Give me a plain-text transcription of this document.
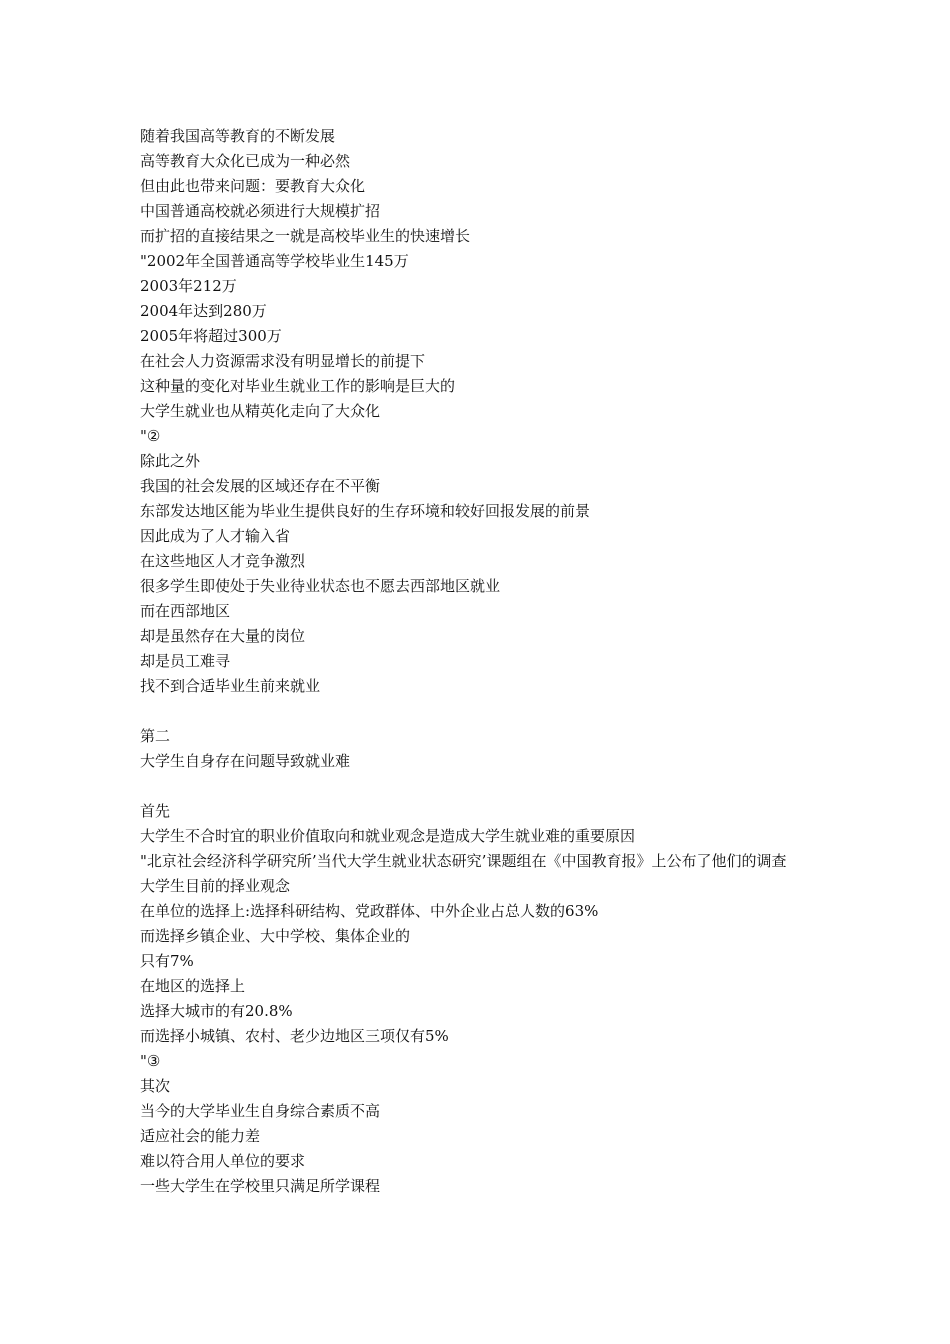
随着我国高等教育的不断发展
高等教育大众化已成为一种必然
但由此也带来问题：要教育大众化
中国普通高校就必须进行大规模扩招
而扩招的直接结果之一就是高校毕业生的快速增长
"2002年全国普通高等学校毕业生145万
2003年212万
2004年达到280万
2005年将超过300万
在社会人力资源需求没有明显增长的前提下
这种量的变化对毕业生就业工作的影响是巨大的
大学生就业也从精英化走向了大众化
"②
除此之外
我国的社会发展的区域还存在不平衡
东部发达地区能为毕业生提供良好的生存环境和较好回报发展的前景
因此成为了人才输入省
在这些地区人才竞争激烈
很多学生即使处于失业待业状态也不愿去西部地区就业
而在西部地区
却是虽然存在大量的岗位
却是员工难寻
找不到合适毕业生前来就业
第二
大学生自身存在问题导致就业难
首先
大学生不合时宜的职业价值取向和就业观念是造成大学生就业难的重要原因
"北京社会经济科学研究所’当代大学生就业状态研究’课题组在《中国教育报》上公布了他们的调查
大学生目前的择业观念
在单位的选择上:选择科研结构、党政群体、中外企业占总人数的63%
而选择乡镇企业、大中学校、集体企业的
只有7%
在地区的选择上
选择大城市的有20.8%
而选择小城镇、农村、老少边地区三项仅有5%
"③
其次
当今的大学毕业生自身综合素质不高
适应社会的能力差
难以符合用人单位的要求
一些大学生在学校里只满足所学课程
